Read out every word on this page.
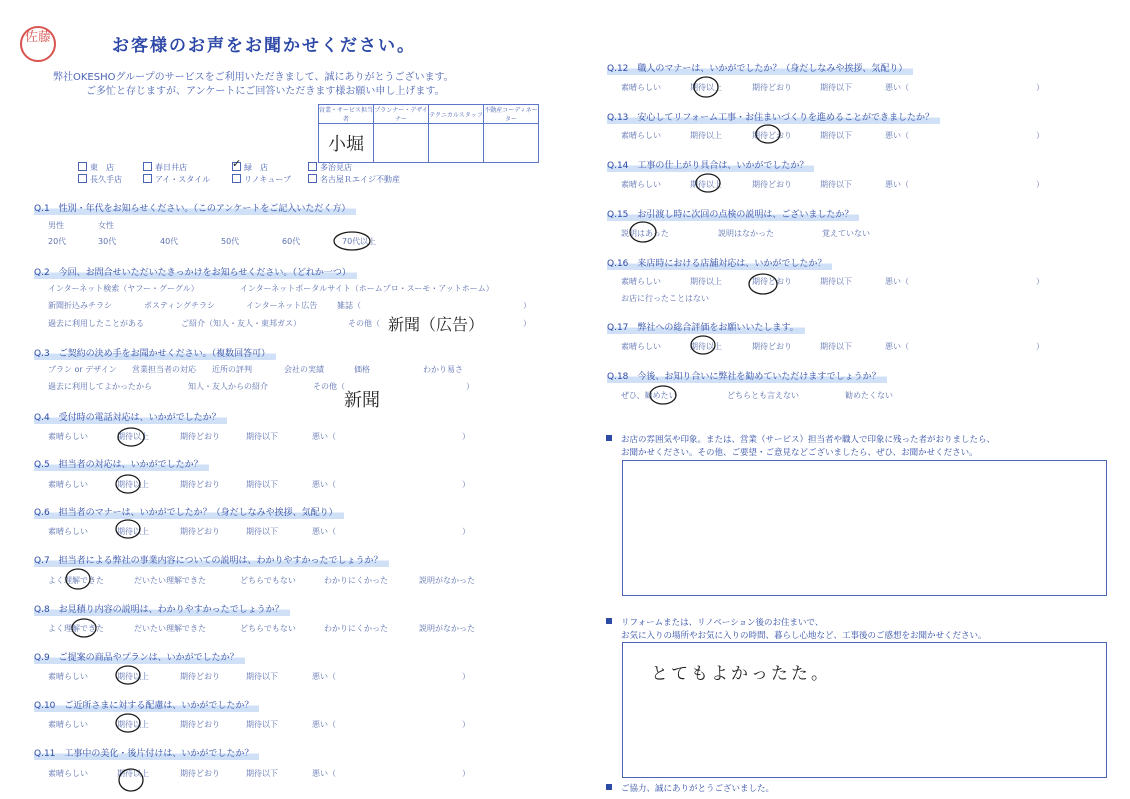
佐藤	お客様のお声をお聞かせください。
弊社OKESHOグループのサービスをご利用いただきまして、誠にありがとうございます。
ご多忙と存じますが、アンケートにご回答いただきます様お願い申し上げます。
営業・サービス担当者	プランナー・デザイナー	テクニカルスタッフ	不動産コーディネーター
小堀			
東　店	春日井店	✓ 緑　店	多治見店
長久手店	アイ・スタイル	リノキューブ	名古屋Ｒエイジ不動産
Q.1　性別・年代をお知らせください。（このアンケートをご記入いただく方）
男性	女性
20代	30代	40代	50代	60代	70代以上
Q.2　今回、お問合せいただいたきっかけをお知らせください。（どれか一つ）
インターネット検索（ヤフー・グーグル）	インターネットポータルサイト（ホームプロ・スーモ・アットホーム）
新聞折込みチラシ	ポスティングチラシ	インターネット広告 雑誌（	）
過去に利用したことがある	ご紹介（知人・友人・東邦ガス）	その他（	）
Q.3　ご契約の決め手をお聞かせください。（複数回答可）
プラン or デザイン 営業担当者の対応 近所の評判	会社の実績	価格	わかり易さ
過去に利用してよかったから	知人・友人からの紹介	その他（	）
Q.4　受付時の電話対応は、いかがでしたか？
素晴らしい	期待以上	期待どおり	期待以下	悪い（	）
Q.5　担当者の対応は、いかがでしたか？
素晴らしい	期待以上	期待どおり	期待以下	悪い（	）
Q.6　担当者のマナーは、いかがでしたか？（身だしなみや挨拶、気配り）
素晴らしい	期待以上	期待どおり	期待以下	悪い（	）
Q.7　担当者による弊社の事業内容についての説明は、わかりやすかったでしょうか？
よく理解できた	だいたい理解できた	どちらでもない	わかりにくかった	説明がなかった
Q.8　お見積り内容の説明は、わかりやすかったでしょうか？
よく理解できた	だいたい理解できた	どちらでもない	わかりにくかった	説明がなかった
Q.9　ご提案の商品やプランは、いかがでしたか？
素晴らしい	期待以上	期待どおり	期待以下	悪い（	）
Q.10　ご近所さまに対する配慮は、いかがでしたか？
素晴らしい	期待以上	期待どおり	期待以下	悪い（	）
Q.11　工事中の美化・後片付けは、いかがでしたか？
素晴らしい	期待以上	期待どおり	期待以下	悪い（	）
Q.12　職人のマナーは、いかがでしたか？（身だしなみや挨拶、気配り）
素晴らしい	期待以上	期待どおり	期待以下	悪い（	）
Q.13　安心してリフォーム工事・お住まいづくりを進めることができましたか？
素晴らしい	期待以上	期待どおり	期待以下	悪い（	）
Q.14　工事の仕上がり具合は、いかがでしたか？
素晴らしい	期待以上	期待どおり	期待以下	悪い（	）
Q.15　お引渡し時に次回の点検の説明は、ございましたか？
説明はあった	説明はなかった	覚えていない
Q.16　来店時における店舗対応は、いかがでしたか？
素晴らしい	期待以上	期待どおり	期待以下	悪い（	）
お店に行ったことはない
Q.17　弊社への総合評価をお願いいたします。
素晴らしい	期待以上	期待どおり	期待以下	悪い（	）
Q.18　今後、お知り合いに弊社を勧めていただけますでしょうか？
ぜひ、勧めたい	どちらとも言えない	勧めたくない
お店の雰囲気や印象。または、営業（サービス）担当者や職人で印象に残った者がおりましたら、
お聞かせください。その他、ご要望・ご意見などございましたら、ぜひ、お聞かせください。
リフォームまたは、リノベーション後のお住まいで、
お気に入りの場所やお気に入りの時間、暮らし心地など、工事後のご感想をお聞かせください。
とてもよかったた。
ご協力、誠にありがとうございました。
新聞（広告）
新聞
